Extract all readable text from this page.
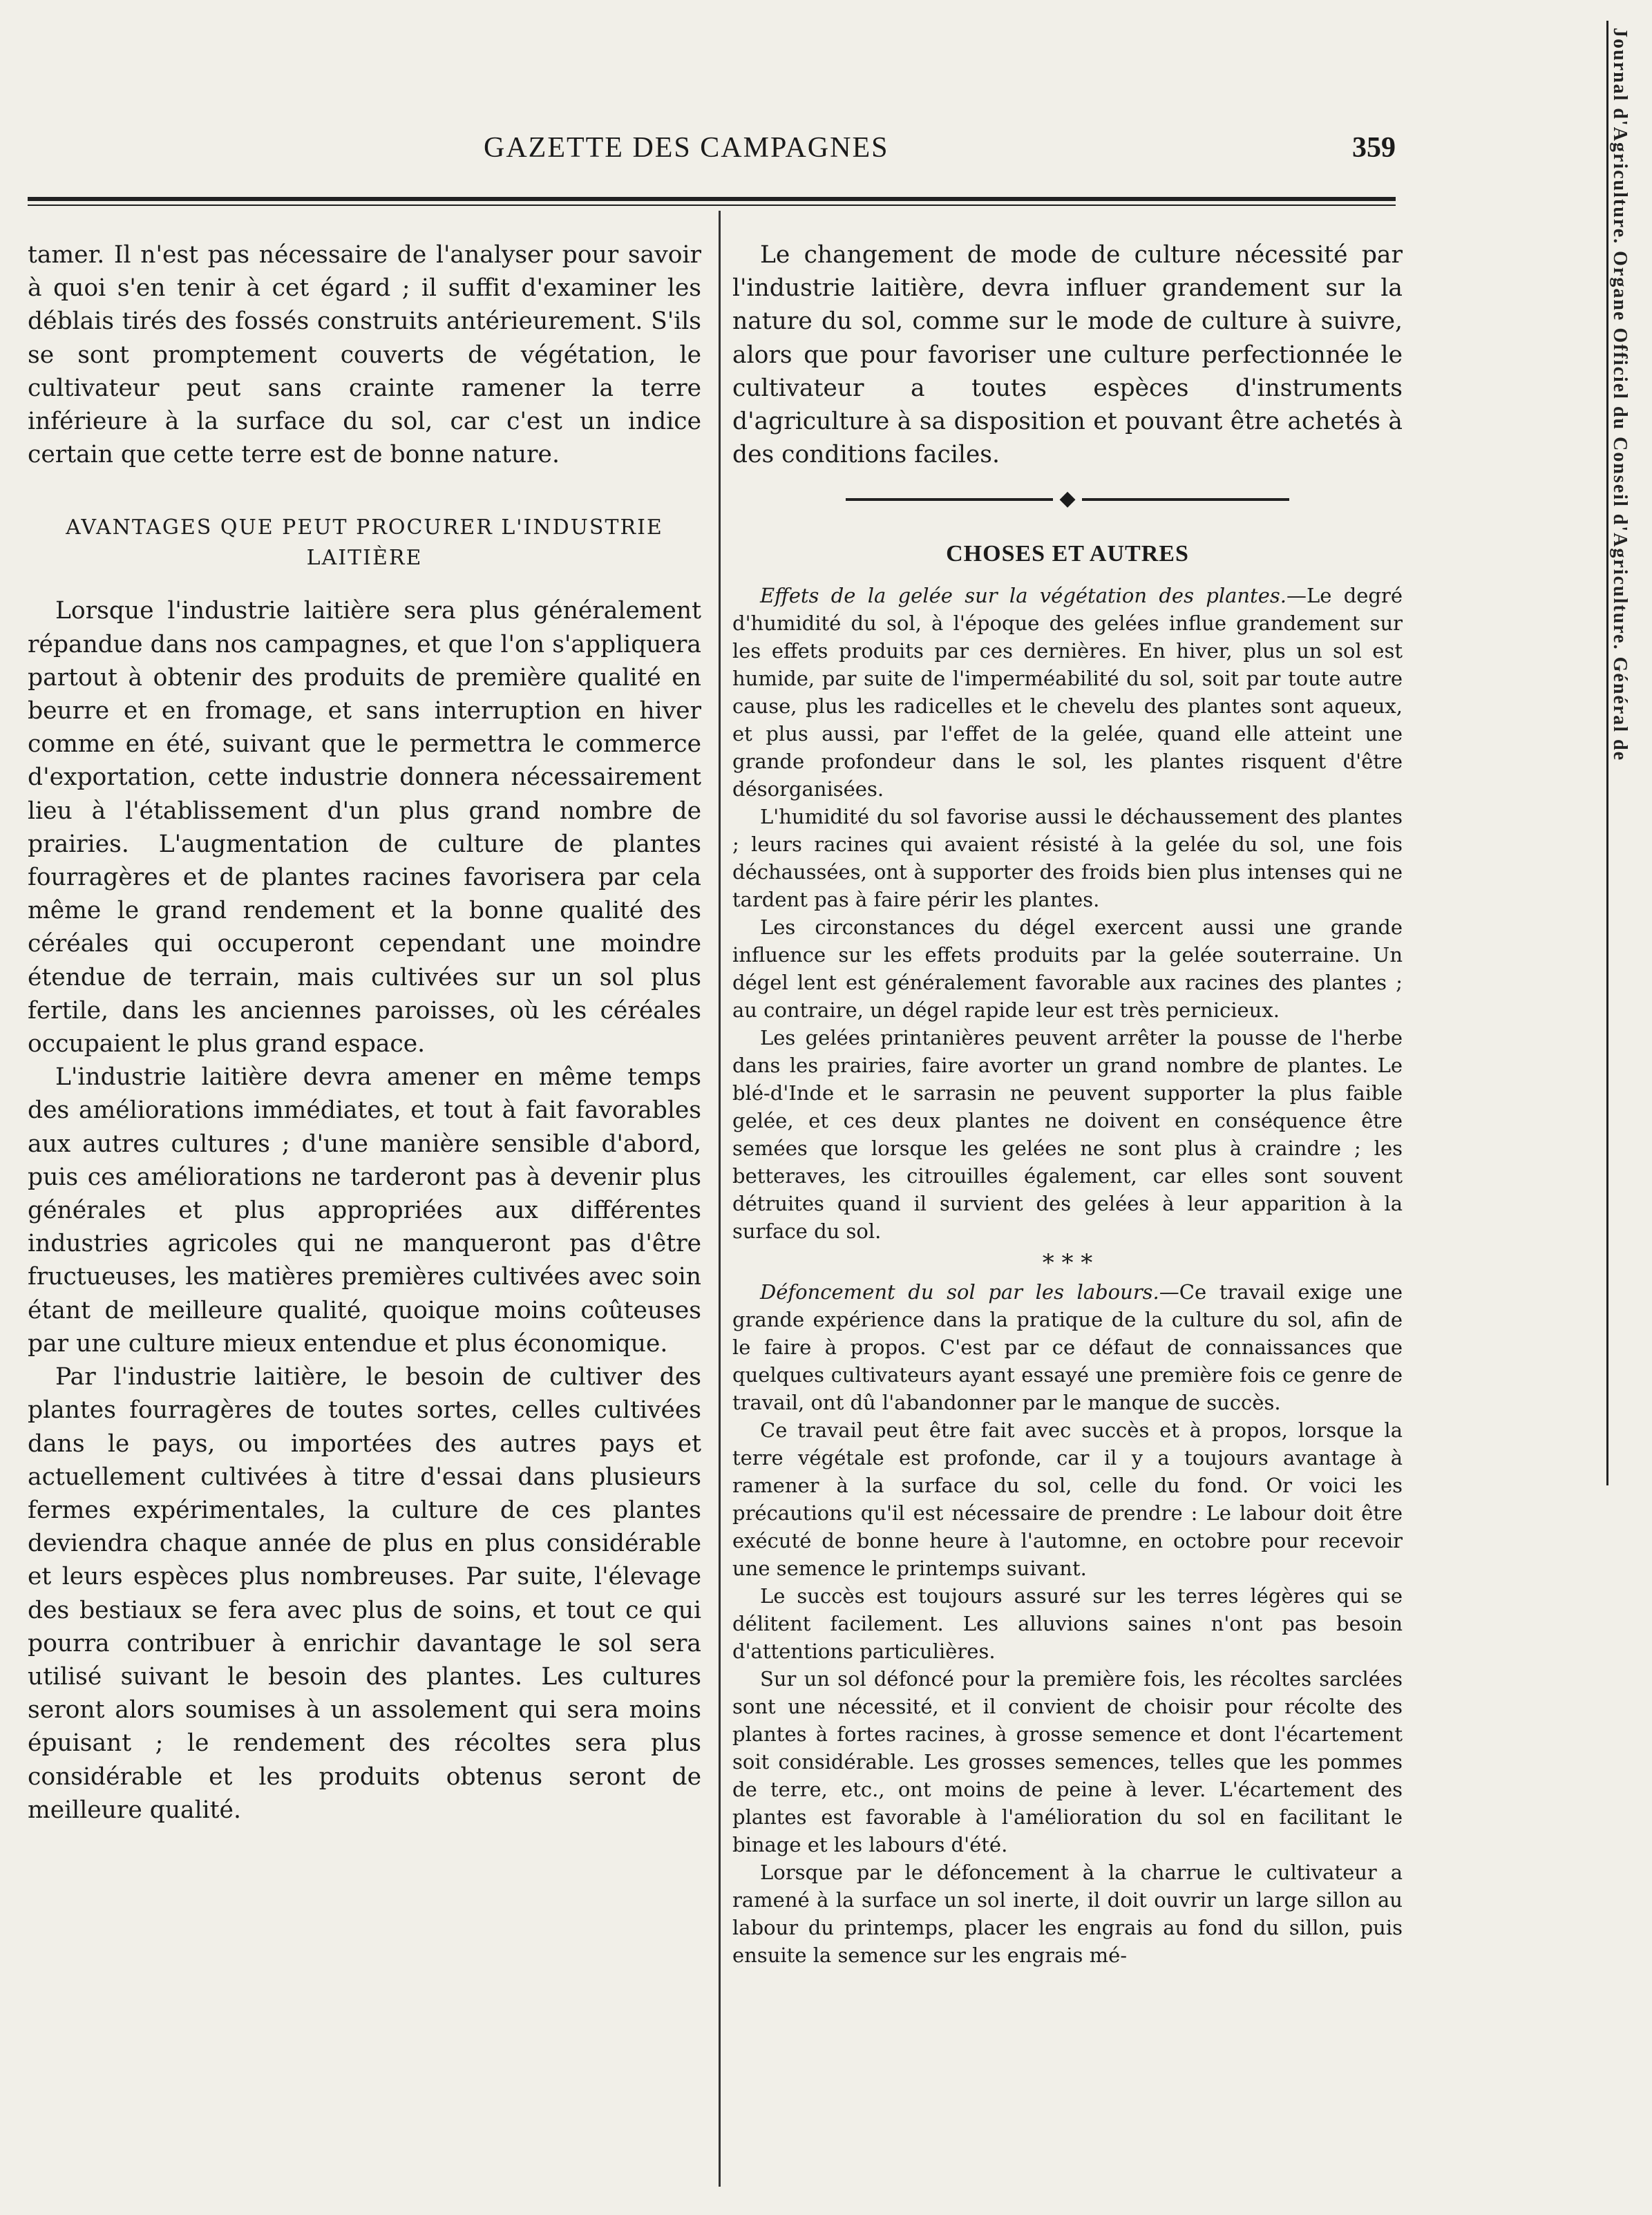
GAZETTE DES CAMPAGNES	359	Journal d'Agriculture. Organe Officiel du Conseil d'Agriculture. Général de

tamer. Il n'est pas nécessaire de l'analyser pour savoir à quoi s'en tenir à cet égard ; il suffit d'examiner les déblais tirés des fossés construits antérieurement. S'ils se sont promptement couverts de végétation, le cultivateur peut sans crainte ramener la terre inférieure à la surface du sol, car c'est un indice certain que cette terre est de bonne nature.

AVANTAGES QUE PEUT PROCURER L'INDUSTRIE LAITIÈRE

Lorsque l'industrie laitière sera plus généralement répandue dans nos campagnes, et que l'on s'appliquera partout à obtenir des produits de première qualité en beurre et en fromage, et sans interruption en hiver comme en été, suivant que le permettra le commerce d'exportation, cette industrie donnera nécessairement lieu à l'établissement d'un plus grand nombre de prairies. L'augmentation de culture de plantes fourragères et de plantes racines favorisera par cela même le grand rendement et la bonne qualité des céréales qui occuperont cependant une moindre étendue de terrain, mais cultivées sur un sol plus fertile, dans les anciennes paroisses, où les céréales occupaient le plus grand espace.

L'industrie laitière devra amener en même temps des améliorations immédiates, et tout à fait favorables aux autres cultures ; d'une manière sensible d'abord, puis ces améliorations ne tarderont pas à devenir plus générales et plus appropriées aux différentes industries agricoles qui ne manqueront pas d'être fructueuses, les matières premières cultivées avec soin étant de meilleure qualité, quoique moins coûteuses par une culture mieux entendue et plus économique.

Par l'industrie laitière, le besoin de cultiver des plantes fourragères de toutes sortes, celles cultivées dans le pays, ou importées des autres pays et actuellement cultivées à titre d'essai dans plusieurs fermes expérimentales, la culture de ces plantes deviendra chaque année de plus en plus considérable et leurs espèces plus nombreuses. Par suite, l'élevage des bestiaux se fera avec plus de soins, et tout ce qui pourra contribuer à enrichir davantage le sol sera utilisé suivant le besoin des plantes. Les cultures seront alors soumises à un assolement qui sera moins épuisant ; le rendement des récoltes sera plus considérable et les produits obtenus seront de meilleure qualité.

Le changement de mode de culture nécessité par l'industrie laitière, devra influer grandement sur la nature du sol, comme sur le mode de culture à suivre, alors que pour favoriser une culture perfectionnée le cultivateur a toutes espèces d'instruments d'agriculture à sa disposition et pouvant être achetés à des conditions faciles.

◆
CHOSES ET AUTRES

Effets de la gelée sur la végétation des plantes.—Le degré d'humidité du sol, à l'époque des gelées influe grandement sur les effets produits par ces dernières. En hiver, plus un sol est humide, par suite de l'imperméabilité du sol, soit par toute autre cause, plus les radicelles et le chevelu des plantes sont aqueux, et plus aussi, par l'effet de la gelée, quand elle atteint une grande profondeur dans le sol, les plantes risquent d'être désorganisées.

L'humidité du sol favorise aussi le déchaussement des plantes ; leurs racines qui avaient résisté à la gelée du sol, une fois déchaussées, ont à supporter des froids bien plus intenses qui ne tardent pas à faire périr les plantes.

Les circonstances du dégel exercent aussi une grande influence sur les effets produits par la gelée souterraine. Un dégel lent est généralement favorable aux racines des plantes ; au contraire, un dégel rapide leur est très pernicieux.

Les gelées printanières peuvent arrêter la pousse de l'herbe dans les prairies, faire avorter un grand nombre de plantes. Le blé-d'Inde et le sarrasin ne peuvent supporter la plus faible gelée, et ces deux plantes ne doivent en conséquence être semées que lorsque les gelées ne sont plus à craindre ; les betteraves, les citrouilles également, car elles sont souvent détruites quand il survient des gelées à leur apparition à la surface du sol.

* * *

Défoncement du sol par les labours.—Ce travail exige une grande expérience dans la pratique de la culture du sol, afin de le faire à propos. C'est par ce défaut de connaissances que quelques cultivateurs ayant essayé une première fois ce genre de travail, ont dû l'abandonner par le manque de succès.

Ce travail peut être fait avec succès et à propos, lorsque la terre végétale est profonde, car il y a toujours avantage à ramener à la surface du sol, celle du fond. Or voici les précautions qu'il est nécessaire de prendre : Le labour doit être exécuté de bonne heure à l'automne, en octobre pour recevoir une semence le printemps suivant.

Le succès est toujours assuré sur les terres légères qui se délitent facilement. Les alluvions saines n'ont pas besoin d'attentions particulières.

Sur un sol défoncé pour la première fois, les récoltes sarclées sont une nécessité, et il convient de choisir pour récolte des plantes à fortes racines, à grosse semence et dont l'écartement soit considérable. Les grosses semences, telles que les pommes de terre, etc., ont moins de peine à lever. L'écartement des plantes est favorable à l'amélioration du sol en facilitant le binage et les labours d'été.

Lorsque par le défoncement à la charrue le cultivateur a ramené à la surface un sol inerte, il doit ouvrir un large sillon au labour du printemps, placer les engrais au fond du sillon, puis ensuite la semence sur les engrais mé-
